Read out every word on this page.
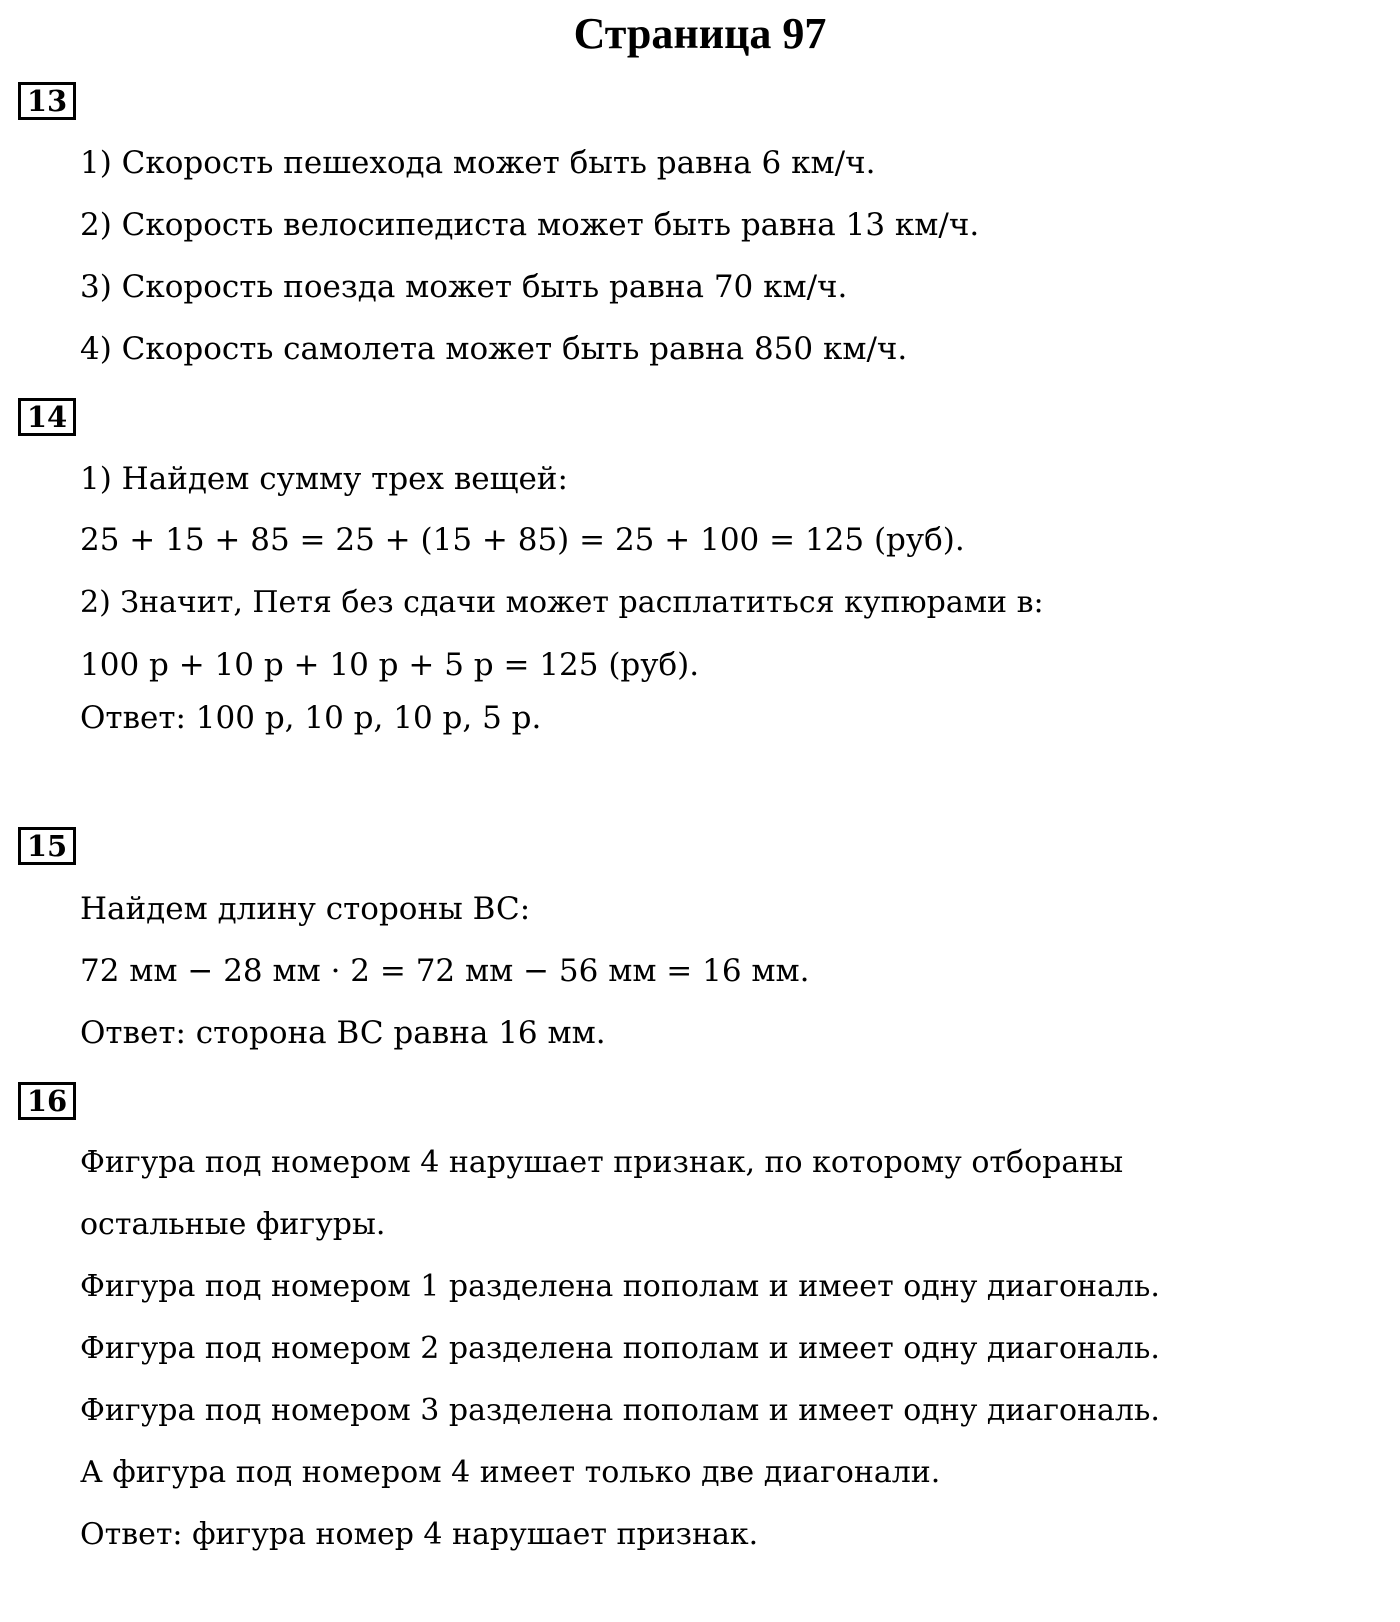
Страница 97
13
1) Скорость пешехода может быть равна 6 км/ч.
2) Скорость велосипедиста может быть равна 13 км/ч.
3) Скорость поезда может быть равна 70 км/ч.
4) Скорость самолета может быть равна 850 км/ч.
14
1) Найдем сумму трех вещей:
25 + 15 + 85 = 25 + (15 + 85) = 25 + 100 = 125 (руб).
2) Значит, Петя без сдачи может расплатиться купюрами в:
100 р + 10 р + 10 р + 5 р = 125 (руб).
Ответ: 100 р, 10 р, 10 р, 5 р.
15
Найдем длину стороны BC:
72 мм − 28 мм · 2 = 72 мм − 56 мм = 16 мм.
Ответ: сторона BC равна 16 мм.
16
Фигура под номером 4 нарушает признак, по которому отборaны
остальные фигуры.
Фигура под номером 1 разделена пополам и имеет одну диагональ.
Фигура под номером 2 разделена пополам и имеет одну диагональ.
Фигура под номером 3 разделена пополам и имеет одну диагональ.
А фигура под номером 4 имеет только две диагонали.
Ответ: фигура номер 4 нарушает признак.
